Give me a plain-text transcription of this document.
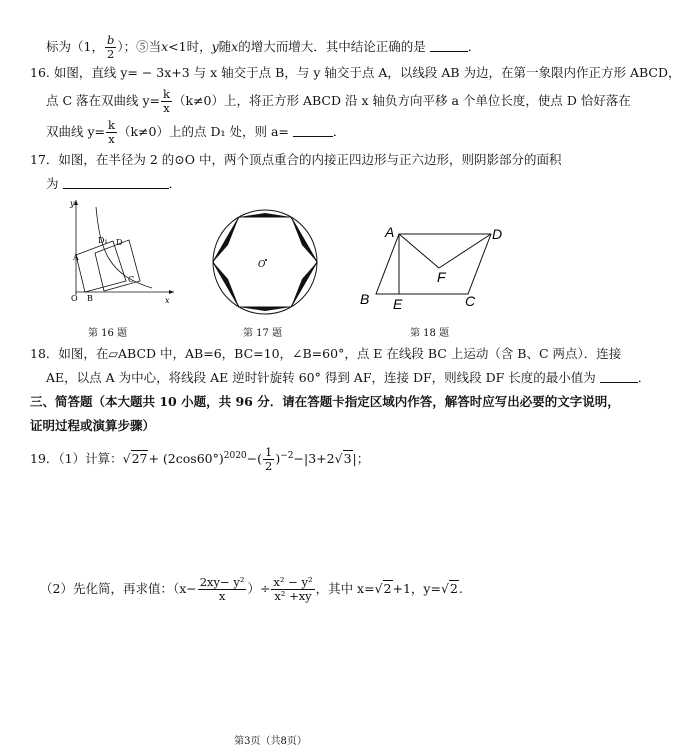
标为（1， $\frac{b}{2}$ ）；⑤当x<1时，y随x的增大而增大．其中结论正确的是	．
16. 如图，直线 y= − 3x+3 与 x 轴交于点 B，与 y 轴交于点 A，以线段 AB 为边，在第一象限内作正方形 ABCD，
点 C 落在双曲线 $y= \frac{k}{x} (k\ne 0)$上，将正方形 ABCD 沿 x 轴负方向平移 a 个单位长度，使点 D 恰好落在
双曲线 $y= \frac{k}{x} (k\ne 0)$上的点 D₁ 处，则 a=	．
17．如图，在半径为 2 的⊙O 中，两个顶点重合的内接正四边形与正六边形，则阴影部分的面积
为	．
y
D₁ D
A
C
O B	x
第 16 题
O
第 17 题
A	D
F
B E	C
第 18 题
18．如图，在▱ABCD 中，AB=6，BC=10，∠B=60°，点 E 在线段 BC 上运动（含 B、C 两点）．连接
AE，以点 A 为中心，将线段 AE 逆时针旋转 60° 得到 AF，连接 DF，则线段 DF 长度的最小值为	．
三、简答题（本大题共 10 小题，共 96 分．请在答题卡指定区域内作答，解答时应写出必要的文字说明，
证明过程或演算步骤）
19．（1）计算：$√27+ (2\cos 60^\circ)^{2020}-( \frac{1}{2} )^{-2}-|3+2√3|$；
（2）先化简，再求值：（$x- \frac{\text{2xy− y²}}{x}$ ）÷ $\frac{\text{x² − y²}}{\text{x² +xy}}$ ，其中 x=√2+1，y=√2.
第3页（共8页）
